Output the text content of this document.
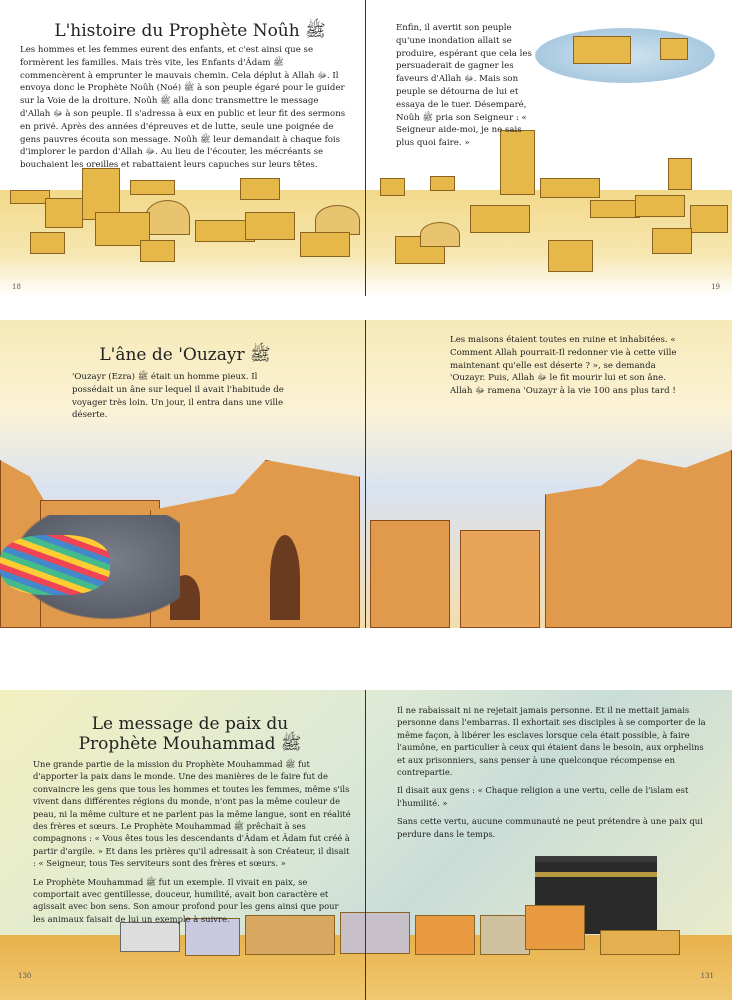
L'histoire du Prophète Noûh ﷺ
Les hommes et les femmes eurent des enfants, et c'est ainsi que se formèrent les familles. Mais très vite, les Enfants d'Âdam ﷺ commencèrent à emprunter le mauvais chemin. Cela déplut à Allah ﷻ. Il envoya donc le Prophète Noûh (Noé) ﷺ à son peuple égaré pour le guider sur la Voie de la droiture. Noûh ﷺ alla donc transmettre le message d'Allah ﷻ à son peuple. Il s'adressa à eux en public et leur fit des sermons en privé. Après des années d'épreuves et de lutte, seule une poignée de gens pauvres écouta son message. Noûh ﷺ leur demandait à chaque fois d'implorer le pardon d'Allah ﷻ. Au lieu de l'écouter, les mécréants se bouchaient les oreilles et rabattaient leurs capuches sur leurs têtes.
Enfin, il avertit son peuple qu'une inondation allait se produire, espérant que cela les persuaderait de gagner les faveurs d'Allah ﷻ. Mais son peuple se détourna de lui et essaya de le tuer. Désemparé, Noûh ﷺ pria son Seigneur : « Seigneur aide-moi, je ne sais plus quoi faire. »
18	19
L'âne de 'Ouzayr ﷺ
'Ouzayr (Ezra) ﷺ était un homme pieux. Il possédait un âne sur lequel il avait l'habitude de voyager très loin. Un jour, il entra dans une ville déserte.
Les maisons étaient toutes en ruine et inhabitées. « Comment Allah pourrait-Il redonner vie à cette ville maintenant qu'elle est déserte ? », se demanda 'Ouzayr. Puis, Allah ﷻ le fit mourir lui et son âne. Allah ﷻ ramena 'Ouzayr à la vie 100 ans plus tard !
Le message de paix du
Prophète Mouhammad ﷺ

Une grande partie de la mission du Prophète Mouhammad ﷺ fut d'apporter la paix dans le monde. Une des manières de le faire fut de convaincre les gens que tous les hommes et toutes les femmes, même s'ils vivent dans différentes régions du monde, n'ont pas la même couleur de peau, ni la même culture et ne parlent pas la même langue, sont en réalité des frères et sœurs. Le Prophète Mouhammad ﷺ prêchait à ses compagnons : « Vous êtes tous les descendants d'Âdam et Âdam fut créé à partir d'argile. » Et dans les prières qu'il adressait à son Créateur, il disait : « Seigneur, tous Tes serviteurs sont des frères et sœurs. »

Le Prophète Mouhammad ﷺ fut un exemple. Il vivait en paix, se comportait avec gentillesse, douceur, humilité, avait bon caractère et agissait avec bon sens. Son amour profond pour les gens ainsi que pour les animaux faisait de lui un exemple à suivre.

Il ne rabaissait ni ne rejetait jamais personne. Et il ne mettait jamais personne dans l'embarras. Il exhortait ses disciples à se comporter de la même façon, à libérer les esclaves lorsque cela était possible, à faire l'aumône, en particulier à ceux qui étaient dans le besoin, aux orphelins et aux prisonniers, sans penser à une quelconque récompense en contrepartie.

Il disait aux gens : « Chaque religion a une vertu, celle de l'islam est l'humilité. »

Sans cette vertu, aucune communauté ne peut prétendre à une paix qui perdure dans le temps.

130	131
